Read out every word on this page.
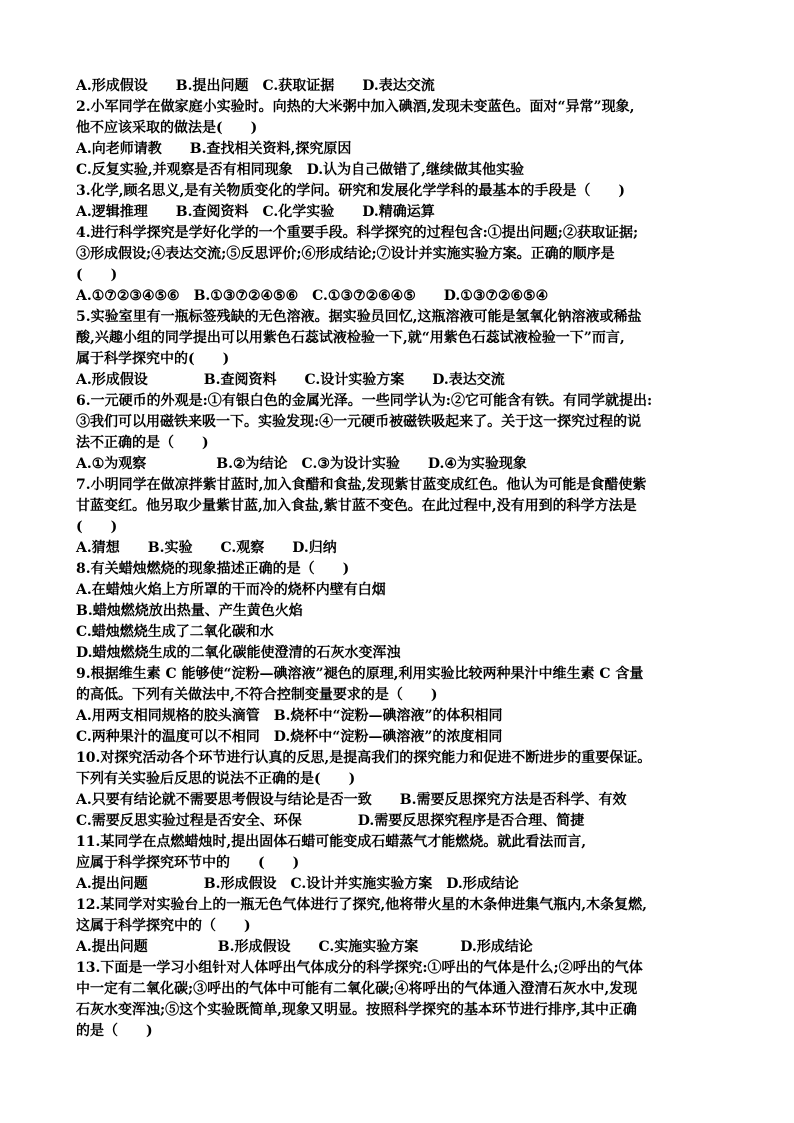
A.形成假设　　B.提出问题　C.获取证据　　D.表达交流
2.小军同学在做家庭小实验时。向热的大米粥中加入碘酒,发现未变蓝色。面对“异常”现象,
他不应该采取的做法是(　　)
A.向老师请教　　B.查找相关资料,探究原因
C.反复实验,并观察是否有相同现象　D.认为自己做错了,继续做其他实验
3.化学,顾名思义,是有关物质变化的学问。研究和发展化学学科的最基本的手段是（　　)
A.逻辑推理　　B.查阅资料　C.化学实验　　D.精确运算
4.进行科学探究是学好化学的一个重要手段。科学探究的过程包含:①提出问题;②获取证据;
③形成假设;④表达交流;⑤反思评价;⑥形成结论;⑦设计并实施实验方案。正确的顺序是
(　　)
A.①⑦②③④⑤⑥　B.①③⑦②④⑤⑥　C.①③⑦②⑥④⑤　　D.①③⑦②⑥⑤④
5.实验室里有一瓶标签残缺的无色溶液。据实验员回忆,这瓶溶液可能是氢氧化钠溶液或稀盐
酸,兴趣小组的同学提出可以用紫色石蕊试液检验一下,就“用紫色石蕊试液检验一下”而言,
属于科学探究中的(　　)
A.形成假设　　　　B.查阅资料　　C.设计实验方案　　D.表达交流
6.一元硬币的外观是:①有银白色的金属光泽。一些同学认为:②它可能含有铁。有同学就提出:
③我们可以用磁铁来吸一下。实验发现:④一元硬币被磁铁吸起来了。关于这一探究过程的说
法不正确的是（　　)
A.①为观察　　　　　B.②为结论　C.③为设计实验　　D.④为实验现象
7.小明同学在做凉拌紫甘蓝时,加入食醋和食盐,发现紫甘蓝变成红色。他认为可能是食醋使紫
甘蓝变红。他另取少量紫甘蓝,加入食盐,紫甘蓝不变色。在此过程中,没有用到的科学方法是
(　　)
A.猜想　　B.实验　　C.观察　　D.归纳
8.有关蜡烛燃烧的现象描述正确的是（　　)
A.在蜡烛火焰上方所罩的干而冷的烧杯内壁有白烟
B.蜡烛燃烧放出热量、产生黄色火焰
C.蜡烛燃烧生成了二氧化碳和水
D.蜡烛燃烧生成的二氧化碳能使澄清的石灰水变浑浊
9.根据维生素 C 能够使“淀粉—碘溶液”褪色的原理,利用实验比较两种果汁中维生素 C 含量
的高低。下列有关做法中,不符合控制变量要求的是（　　)
A.用两支相同规格的胶头滴管　B.烧杯中“淀粉—碘溶液”的体积相同
C.两种果汁的温度可以不相同　D.烧杯中“淀粉—碘溶液”的浓度相同
10.对探究活动各个环节进行认真的反思,是提高我们的探究能力和促进不断进步的重要保证。
下列有关实验后反思的说法不正确的是(　　)
A.只要有结论就不需要思考假设与结论是否一致　　B.需要反思探究方法是否科学、有效
C.需要反思实验过程是否安全、环保　　　　D.需要反思探究程序是否合理、简捷
11.某同学在点燃蜡烛时,提出固体石蜡可能变成石蜡蒸气才能燃烧。就此看法而言,
应属于科学探究环节中的　　(　　)
A.提出问题　　　　B.形成假设　C.设计并实施实验方案　D.形成结论
12.某同学对实验台上的一瓶无色气体进行了探究,他将带火星的木条伸进集气瓶内,木条复燃,
这属于科学探究中的（　　)
A.提出问题　　　　　B.形成假设　　C.实施实验方案　　　D.形成结论
13.下面是一学习小组针对人体呼出气体成分的科学探究:①呼出的气体是什么;②呼出的气体
中一定有二氧化碳;③呼出的气体中可能有二氧化碳;④将呼出的气体通入澄清石灰水中,发现
石灰水变浑浊;⑤这个实验既简单,现象又明显。按照科学探究的基本环节进行排序,其中正确
的是（　　)
